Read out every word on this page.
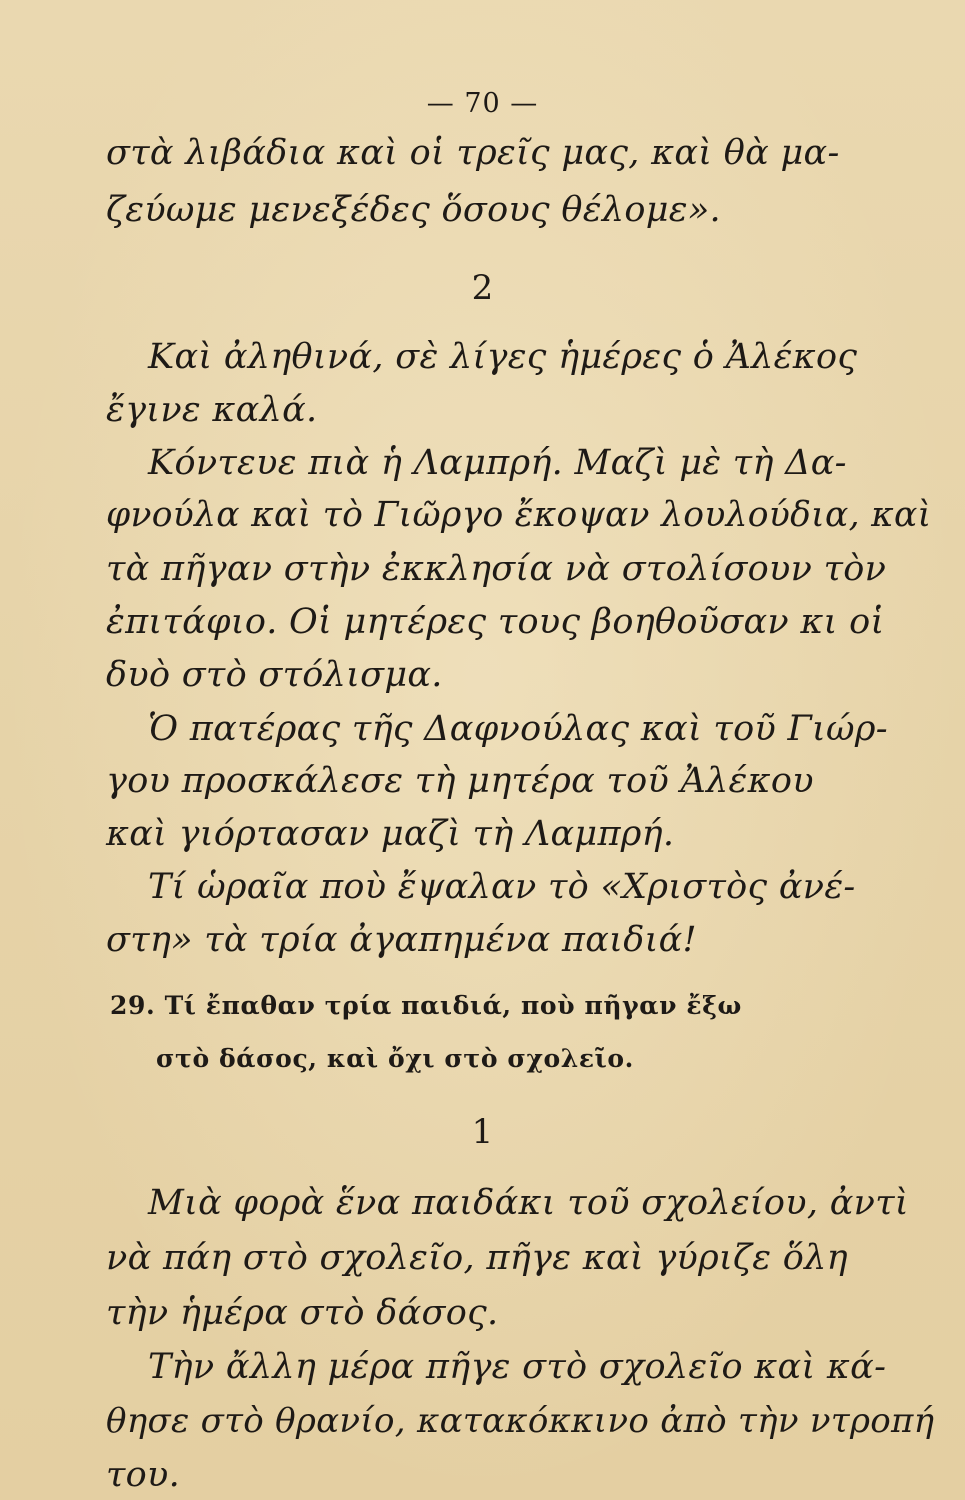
— 70 —
στὰ λιβάδια καὶ οἱ τρεῖς μας, καὶ θὰ μα-
ζεύωμε μενεξέδες ὅσους θέλομε».
2
Καὶ ἀληθινά, σὲ λίγες ἡμέρες ὁ Ἀλέκος
ἔγινε καλά.
Κόντευε πιὰ ἡ Λαμπρή. Μαζὶ μὲ τὴ Δα-
φνούλα καὶ τὸ Γιῶργο ἔκοψαν λουλούδια, καὶ
τὰ πῆγαν στὴν ἐκκλησία νὰ στολίσουν τὸν
ἐπιτάφιο. Οἱ μητέρες τους βοηθοῦσαν κι οἱ
δυὸ στὸ στόλισμα.
Ὁ πατέρας τῆς Δαφνούλας καὶ τοῦ Γιώρ-
γου προσκάλεσε τὴ μητέρα τοῦ Ἀλέκου
καὶ γιόρτασαν μαζὶ τὴ Λαμπρή.
Τί ὡραῖα ποὺ ἔψαλαν τὸ «Χριστὸς ἀνέ-
στη» τὰ τρία ἀγαπημένα παιδιά!
29. Τί ἔπαθαν τρία παιδιά, ποὺ πῆγαν ἔξω
στὸ δάσος, καὶ ὄχι στὸ σχολεῖο.
1
Μιὰ φορὰ ἕνα παιδάκι τοῦ σχολείου, ἀντὶ
νὰ πάη στὸ σχολεῖο, πῆγε καὶ γύριζε ὅλη
τὴν ἡμέρα στὸ δάσος.
Τὴν ἄλλη μέρα πῆγε στὸ σχολεῖο καὶ κά-
θησε στὸ θρανίο, κατακόκκινο ἀπὸ τὴν ντροπή
του.
